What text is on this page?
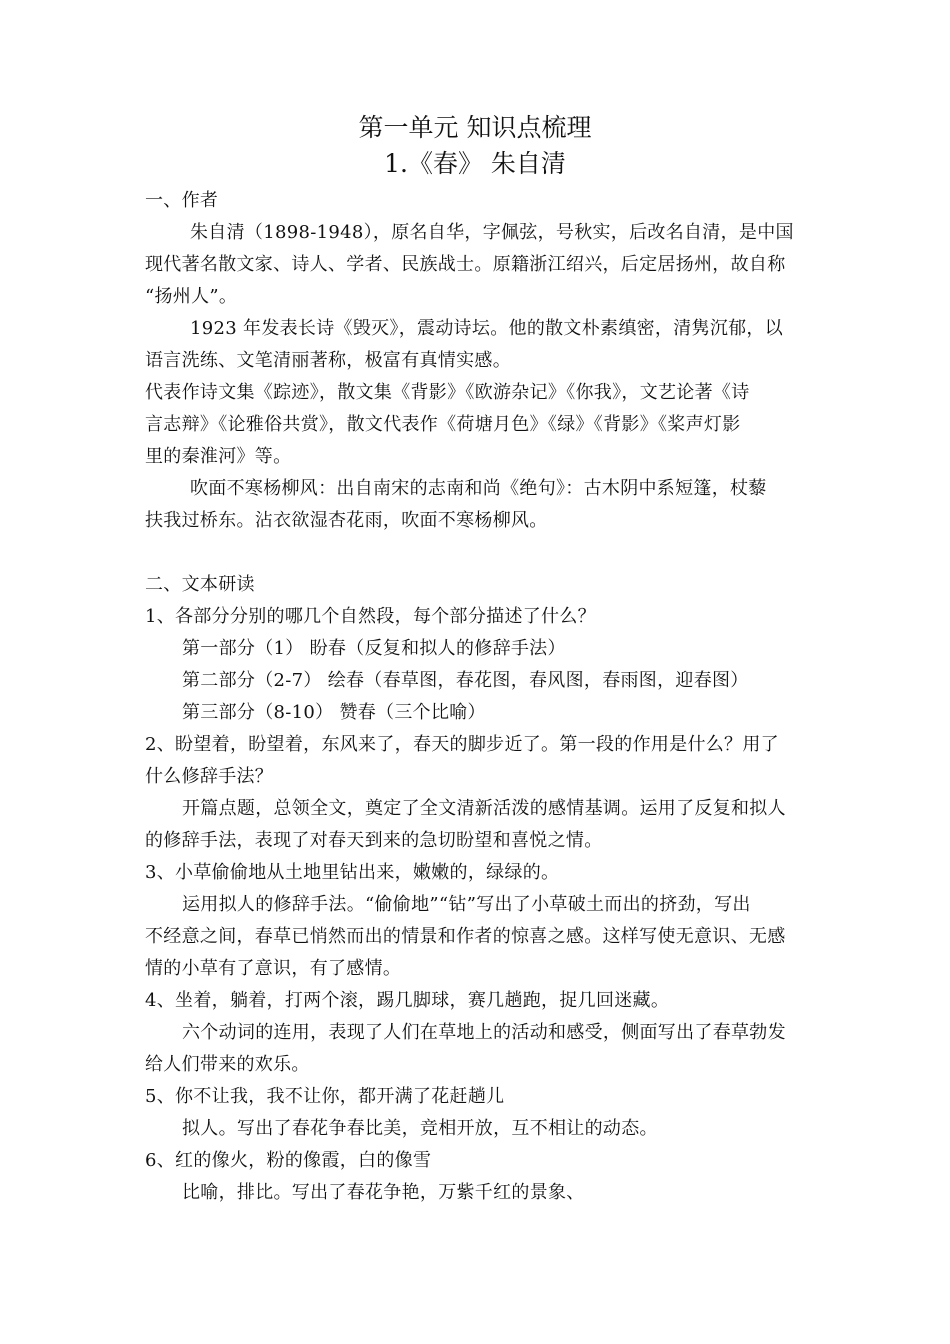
第一单元 知识点梳理
1.《春》 朱自清
一、作者
朱自清（1898-1948），原名自华，字佩弦，号秋实，后改名自清，是中国
现代著名散文家、诗人、学者、民族战士。原籍浙江绍兴，后定居扬州，故自称
“扬州人”。
1923 年发表长诗《毁灭》，震动诗坛。他的散文朴素缜密，清隽沉郁，以
语言洗练、文笔清丽著称，极富有真情实感。
代表作诗文集《踪迹》，散文集《背影》《欧游杂记》《你我》，文艺论著《诗
言志辩》《论雅俗共赏》，散文代表作《荷塘月色》《绿》《背影》《桨声灯影
里的秦淮河》等。
吹面不寒杨柳风：出自南宋的志南和尚《绝句》：古木阴中系短篷，杖藜
扶我过桥东。沾衣欲湿杏花雨，吹面不寒杨柳风。
二、文本研读
1、各部分分别的哪几个自然段，每个部分描述了什么？
第一部分（1） 盼春（反复和拟人的修辞手法）
第二部分（2-7） 绘春（春草图，春花图，春风图，春雨图，迎春图）
第三部分（8-10） 赞春（三个比喻）
2、盼望着，盼望着，东风来了，春天的脚步近了。第一段的作用是什么？用了
什么修辞手法？
开篇点题，总领全文，奠定了全文清新活泼的感情基调。运用了反复和拟人
的修辞手法，表现了对春天到来的急切盼望和喜悦之情。
3、小草偷偷地从土地里钻出来，嫩嫩的，绿绿的。
运用拟人的修辞手法。“偷偷地”“钻”写出了小草破土而出的挤劲，写出
不经意之间，春草已悄然而出的情景和作者的惊喜之感。这样写使无意识、无感
情的小草有了意识，有了感情。
4、坐着，躺着，打两个滚，踢几脚球，赛几趟跑，捉几回迷藏。
六个动词的连用，表现了人们在草地上的活动和感受，侧面写出了春草勃发
给人们带来的欢乐。
5、你不让我，我不让你，都开满了花赶趟儿
拟人。写出了春花争春比美，竞相开放，互不相让的动态。
6、红的像火，粉的像霞，白的像雪
比喻，排比。写出了春花争艳，万紫千红的景象、
